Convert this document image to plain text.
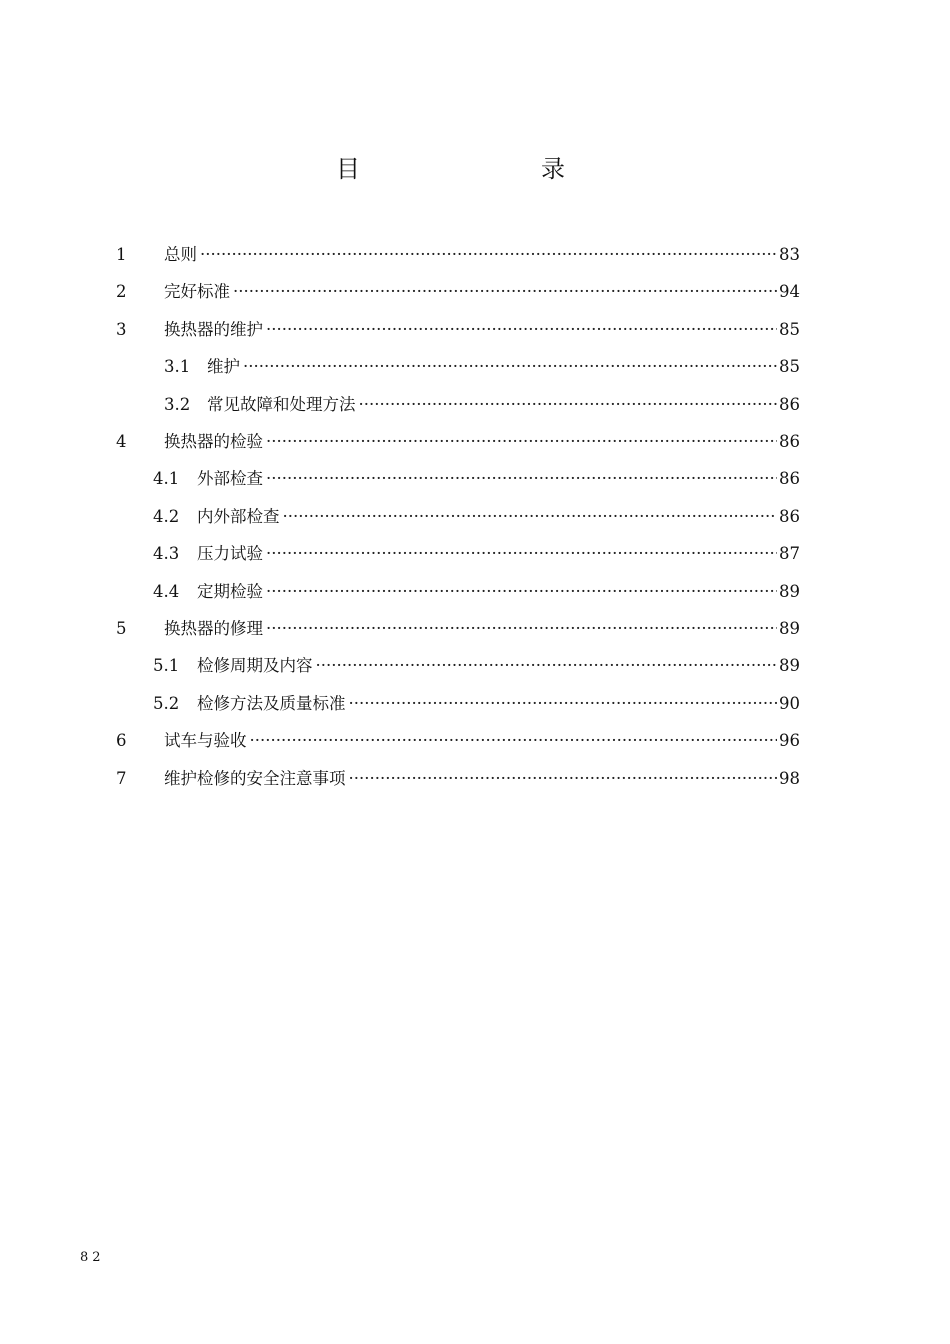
目	录
1 总则 ·····	83
2 完好标准 ·····	94
3 换热器的维护 ·····	85
3.1 维护 ·····	85
3.2 常见故障和处理方法 ·····	86
4 换热器的检验 ·····	86
4.1 外部检查 ·····	86
4.2 内外部检查 ·····	86
4.3 压力试验 ·····	87
4.4 定期检验 ·····	89
5 换热器的修理 ·····	89
5.1 检修周期及内容 ·····	89
5.2 检修方法及质量标准 ·····	90
6 试车与验收 ·····	96
7 维护检修的安全注意事项 ·····	98
82
